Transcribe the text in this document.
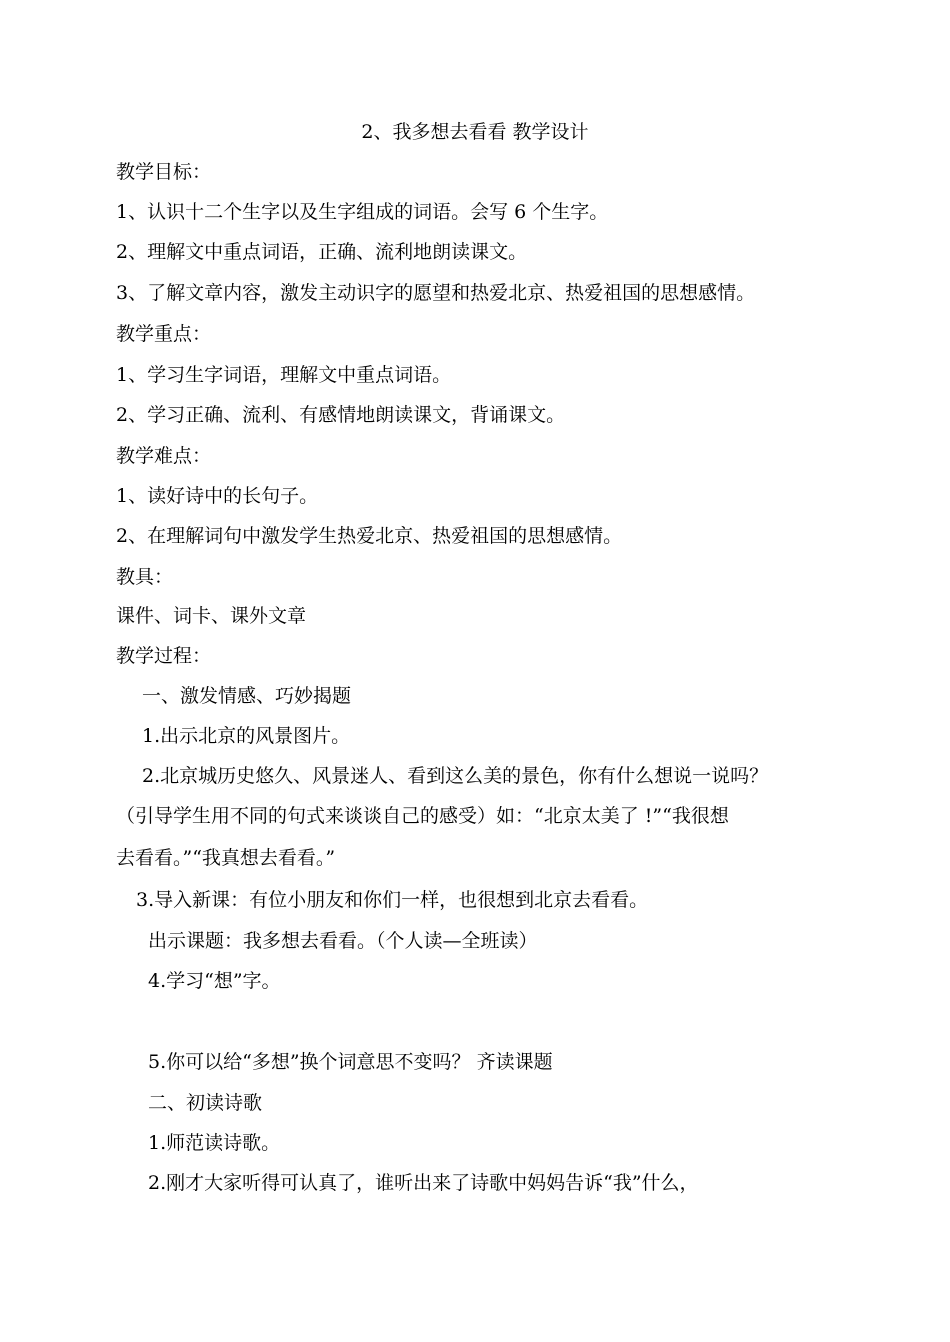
2、我多想去看看 教学设计
教学目标：
1、认识十二个生字以及生字组成的词语。会写 6 个生字。
2、理解文中重点词语，正确、流利地朗读课文。
3、了解文章内容，激发主动识字的愿望和热爱北京、热爱祖国的思想感情。
教学重点：
1、学习生字词语，理解文中重点词语。
2、学习正确、流利、有感情地朗读课文，背诵课文。
教学难点：
1、读好诗中的长句子。
2、在理解词句中激发学生热爱北京、热爱祖国的思想感情。
教具：
课件、词卡、课外文章
教学过程：
一、激发情感、巧妙揭题
1.出示北京的风景图片。
2.北京城历史悠久、风景迷人、看到这么美的景色，你有什么想说一说吗？
（引导学生用不同的句式来谈谈自己的感受）如：“北京太美了 !”“我很想
去看看。”“我真想去看看。”
3.导入新课：有位小朋友和你们一样，也很想到北京去看看。
出示课题：我多想去看看。（个人读—全班读）
4.学习“想”字。
5.你可以给“多想”换个词意思不变吗？ 齐读课题
二、初读诗歌
1.师范读诗歌。
2.刚才大家听得可认真了，谁听出来了诗歌中妈妈告诉“我”什么，
